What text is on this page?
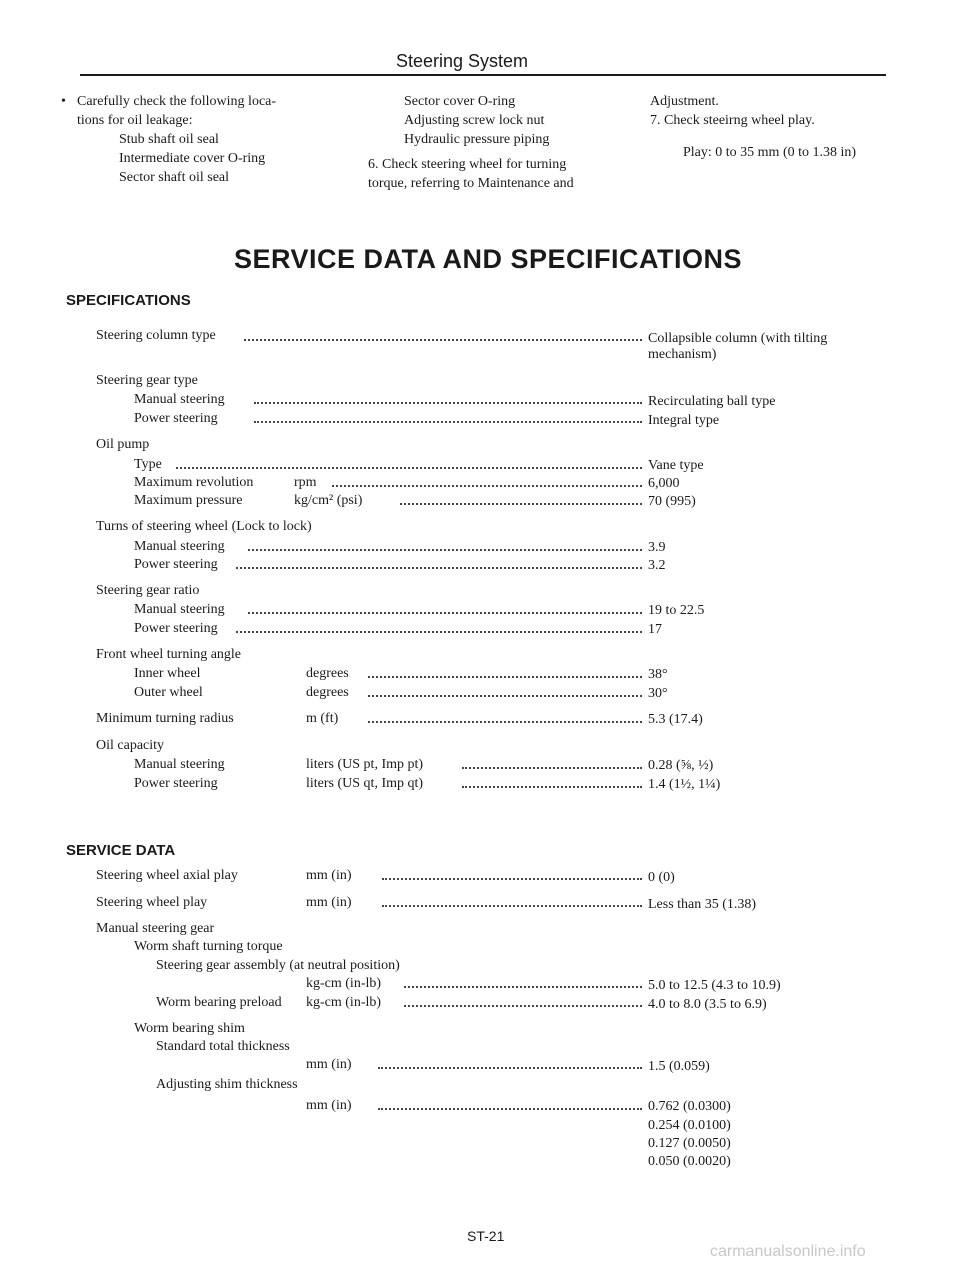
Steering System
• Carefully check the following loca-
tions for oil leakage:
Stub shaft oil seal
Intermediate cover O-ring
Sector shaft oil seal
Sector cover O-ring
Adjusting screw lock nut
Hydraulic pressure piping
6. Check steering wheel for turning
torque, referring to Maintenance and
Adjustment.
7. Check steeirng wheel play.
Play: 0 to 35 mm (0 to 1.38 in)
SERVICE DATA AND SPECIFICATIONS
SPECIFICATIONS
Steering column type	Collapsible column (with tilting
mechanism)
Steering gear type
Manual steering	Recirculating ball type
Power steering	Integral type
Oil pump
Type	Vane type
Maximum revolution	rpm	6,000
Maximum pressure	kg/cm² (psi)	70 (995)
Turns of steering wheel (Lock to lock)
Manual steering	3.9
Power steering	3.2
Steering gear ratio
Manual steering	19 to 22.5
Power steering	17
Front wheel turning angle
Inner wheel	degrees	38°
Outer wheel	degrees	30°
Minimum turning radius	m (ft)	5.3 (17.4)
Oil capacity
Manual steering	liters (US pt, Imp pt)	0.28 (⅝, ½)
Power steering	liters (US qt, Imp qt)	1.4 (1½, 1¼)
SERVICE DATA
Steering wheel axial play	mm (in)	0 (0)
Steering wheel play	mm (in)	Less than 35 (1.38)
Manual steering gear
Worm shaft turning torque
Steering gear assembly (at neutral position)
kg-cm (in-lb)	5.0 to 12.5 (4.3 to 10.9)
Worm bearing preload kg-cm (in-lb)	4.0 to 8.0 (3.5 to 6.9)
Worm bearing shim
Standard total thickness
mm (in)	1.5 (0.059)
Adjusting shim thickness
mm (in)	0.762 (0.0300)
0.254 (0.0100)
0.127 (0.0050)
0.050 (0.0020)
ST-21
carmanualsonline.info
